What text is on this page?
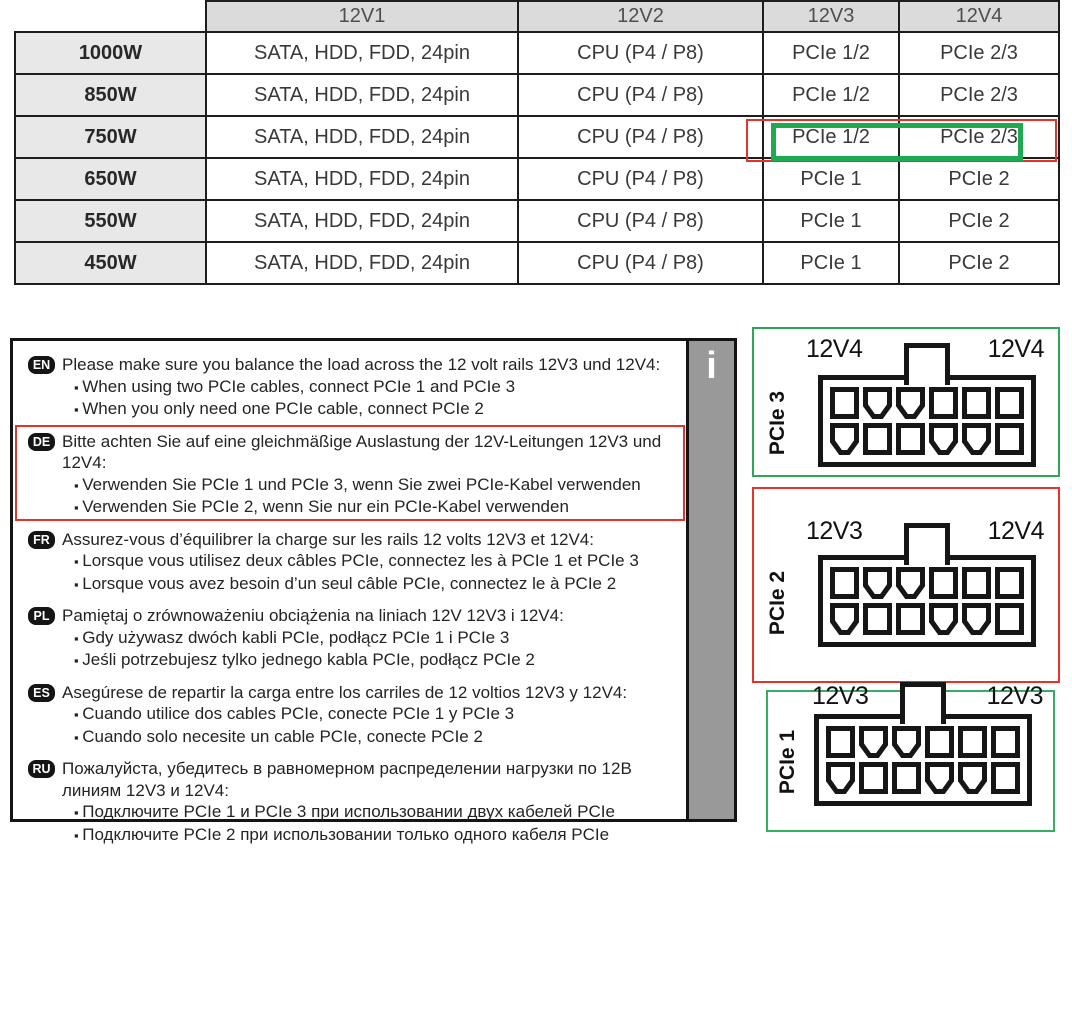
	12V1	12V2	12V3	12V4
1000W	SATA, HDD, FDD, 24pin	CPU (P4 / P8)	PCIe 1/2	PCIe 2/3
850W	SATA, HDD, FDD, 24pin	CPU (P4 / P8)	PCIe 1/2	PCIe 2/3
750W	SATA, HDD, FDD, 24pin	CPU (P4 / P8)	PCIe 1/2	PCIe 2/3
650W	SATA, HDD, FDD, 24pin	CPU (P4 / P8)	PCIe 1	PCIe 2
550W	SATA, HDD, FDD, 24pin	CPU (P4 / P8)	PCIe 1	PCIe 2
450W	SATA, HDD, FDD, 24pin	CPU (P4 / P8)	PCIe 1	PCIe 2
EN Please make sure you balance the load across the 12 volt rails 12V3 und 12V4:
▪ When using two PCIe cables, connect PCIe 1 and PCIe 3
▪ When you only need one PCIe cable, connect PCIe 2
DE Bitte achten Sie auf eine gleichmäßige Auslastung der 12V-Leitungen 12V3 und 12V4:
▪ Verwenden Sie PCIe 1 und PCIe 3, wenn Sie zwei PCIe-Kabel verwenden
▪ Verwenden Sie PCIe 2, wenn Sie nur ein PCIe-Kabel verwenden
FR Assurez-vous d’équilibrer la charge sur les rails 12 volts 12V3 et 12V4:
▪ Lorsque vous utilisez deux câbles PCIe, connectez les à PCIe 1 et PCIe 3
▪ Lorsque vous avez besoin d’un seul câble PCIe, connectez le à PCIe 2
PL Pamiętaj o zrównoważeniu obciążenia na liniach 12V 12V3 i 12V4:
▪ Gdy używasz dwóch kabli PCIe, podłącz PCIe 1 i PCIe 3
▪ Jeśli potrzebujesz tylko jednego kabla PCIe, podłącz PCIe 2
ES Asegúrese de repartir la carga entre los carriles de 12 voltios 12V3 y 12V4:
▪ Cuando utilice dos cables PCIe, conecte PCIe 1 y PCIe 3
▪ Cuando solo necesite un cable PCIe, conecte PCIe 2
RU Пожалуйста, убедитесь в равномерном распределении нагрузки по 12В линиям 12V3 и 12V4:
▪ Подключите PCIe 1 и PCIe 3 при использовании двух кабелей PCIe
▪ Подключите PCIe 2 при использовании только одного кабеля PCIe
i	12V4	12V4
PCIe 3
12V3	12V4
PCIe 2
12V3	12V3
PCIe 1
